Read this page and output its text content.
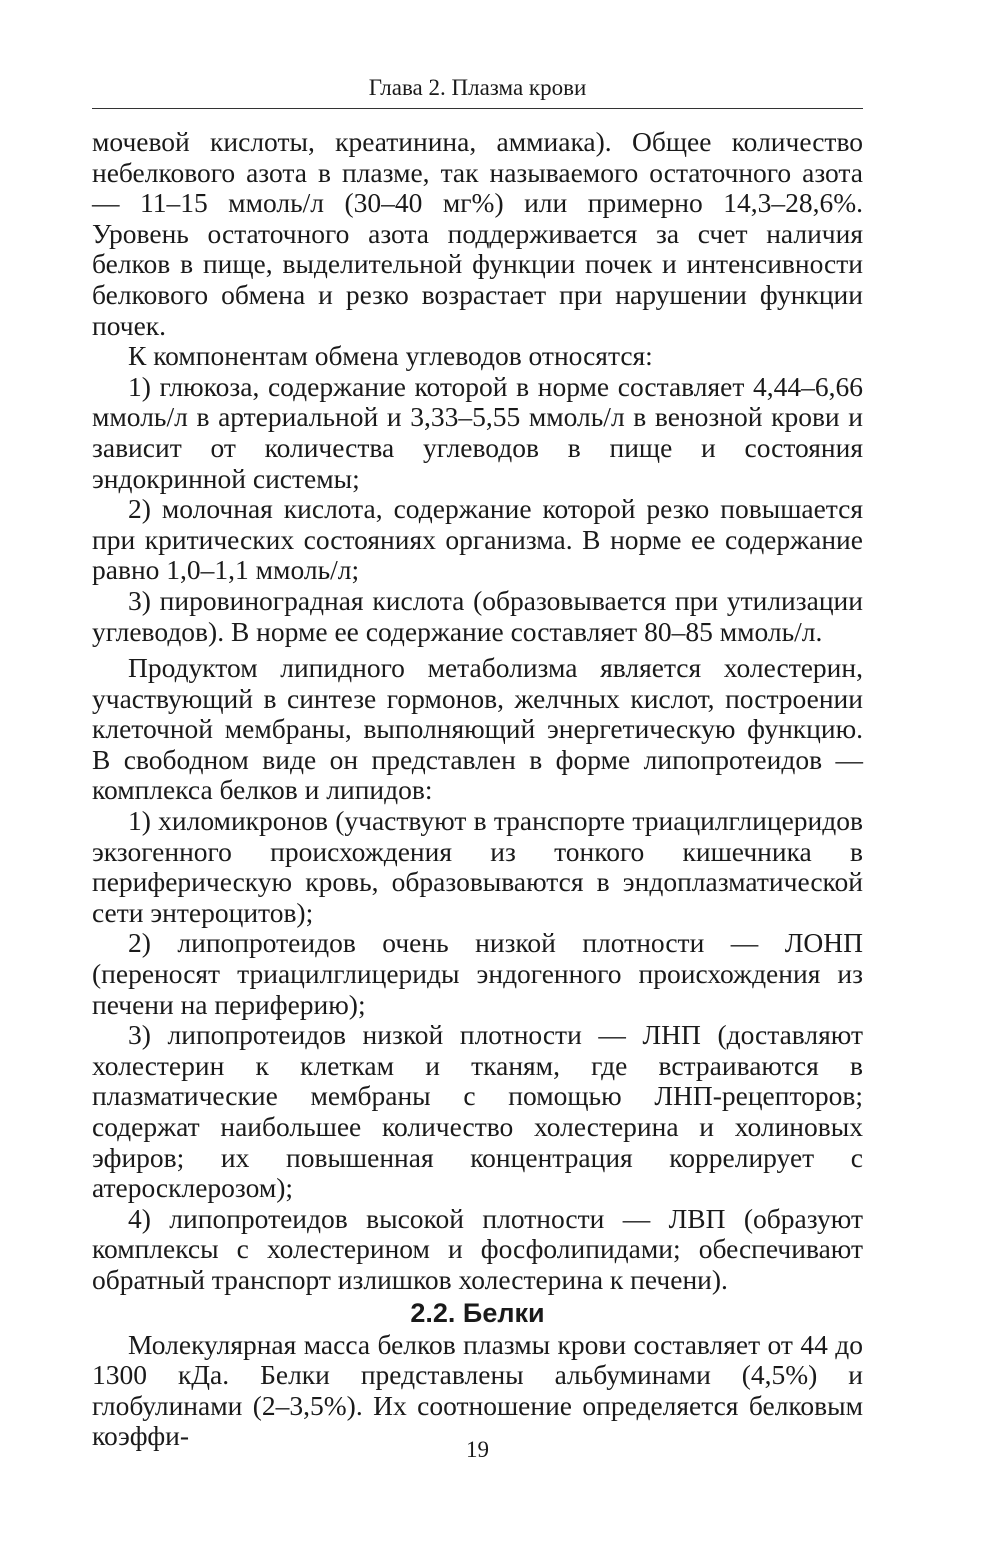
Глава 2. Плазма крови

мочевой кислоты, креатинина, аммиака). Общее количество небелкового азота в плазме, так называемого остаточного азота — 11–15 ммоль/л (30–40 мг%) или примерно 14,3–28,6%. Уровень остаточного азота поддерживается за счет наличия белков в пище, выделительной функции почек и интенсивности белкового обмена и резко возрастает при нарушении функции почек.

К компонентам обмена углеводов относятся:

1) глюкоза, содержание которой в норме составляет 4,44–6,66 ммоль/л в артериальной и 3,33–5,55 ммоль/л в венозной крови и зависит от количества углеводов в пище и состояния эндокринной системы;

2) молочная кислота, содержание которой резко повышается при критических состояниях организма. В норме ее содержание равно 1,0–1,1 ммоль/л;

3) пировиноградная кислота (образовывается при утилизации углеводов). В норме ее содержание составляет 80–85 ммоль/л.

Продуктом липидного метаболизма является холестерин, участвующий в синтезе гормонов, желчных кислот, построении клеточной мембраны, выполняющий энергетическую функцию. В свободном виде он представлен в форме липопротеидов — комплекса белков и липидов:

1) хиломикронов (участвуют в транспорте триацилглицеридов экзогенного происхождения из тонкого кишечника в периферическую кровь, образовываются в эндоплазматической сети энтероцитов);

2) липопротеидов очень низкой плотности — ЛОНП (переносят триацилглицериды эндогенного происхождения из печени на периферию);

3) липопротеидов низкой плотности — ЛНП (доставляют холестерин к клеткам и тканям, где встраиваются в плазматические мембраны с помощью ЛНП-рецепторов; содержат наибольшее количество холестерина и холиновых эфиров; их повышенная концентрация коррелирует с атеросклерозом);

4) липопротеидов высокой плотности — ЛВП (образуют комплексы с холестерином и фосфолипидами; обеспечивают обратный транспорт излишков холестерина к печени).

2.2. Белки

Молекулярная масса белков плазмы крови составляет от 44 до 1300 кДа. Белки представлены альбуминами (4,5%) и глобулинами (2–3,5%). Их соотношение определяется белковым коэффи-	19
